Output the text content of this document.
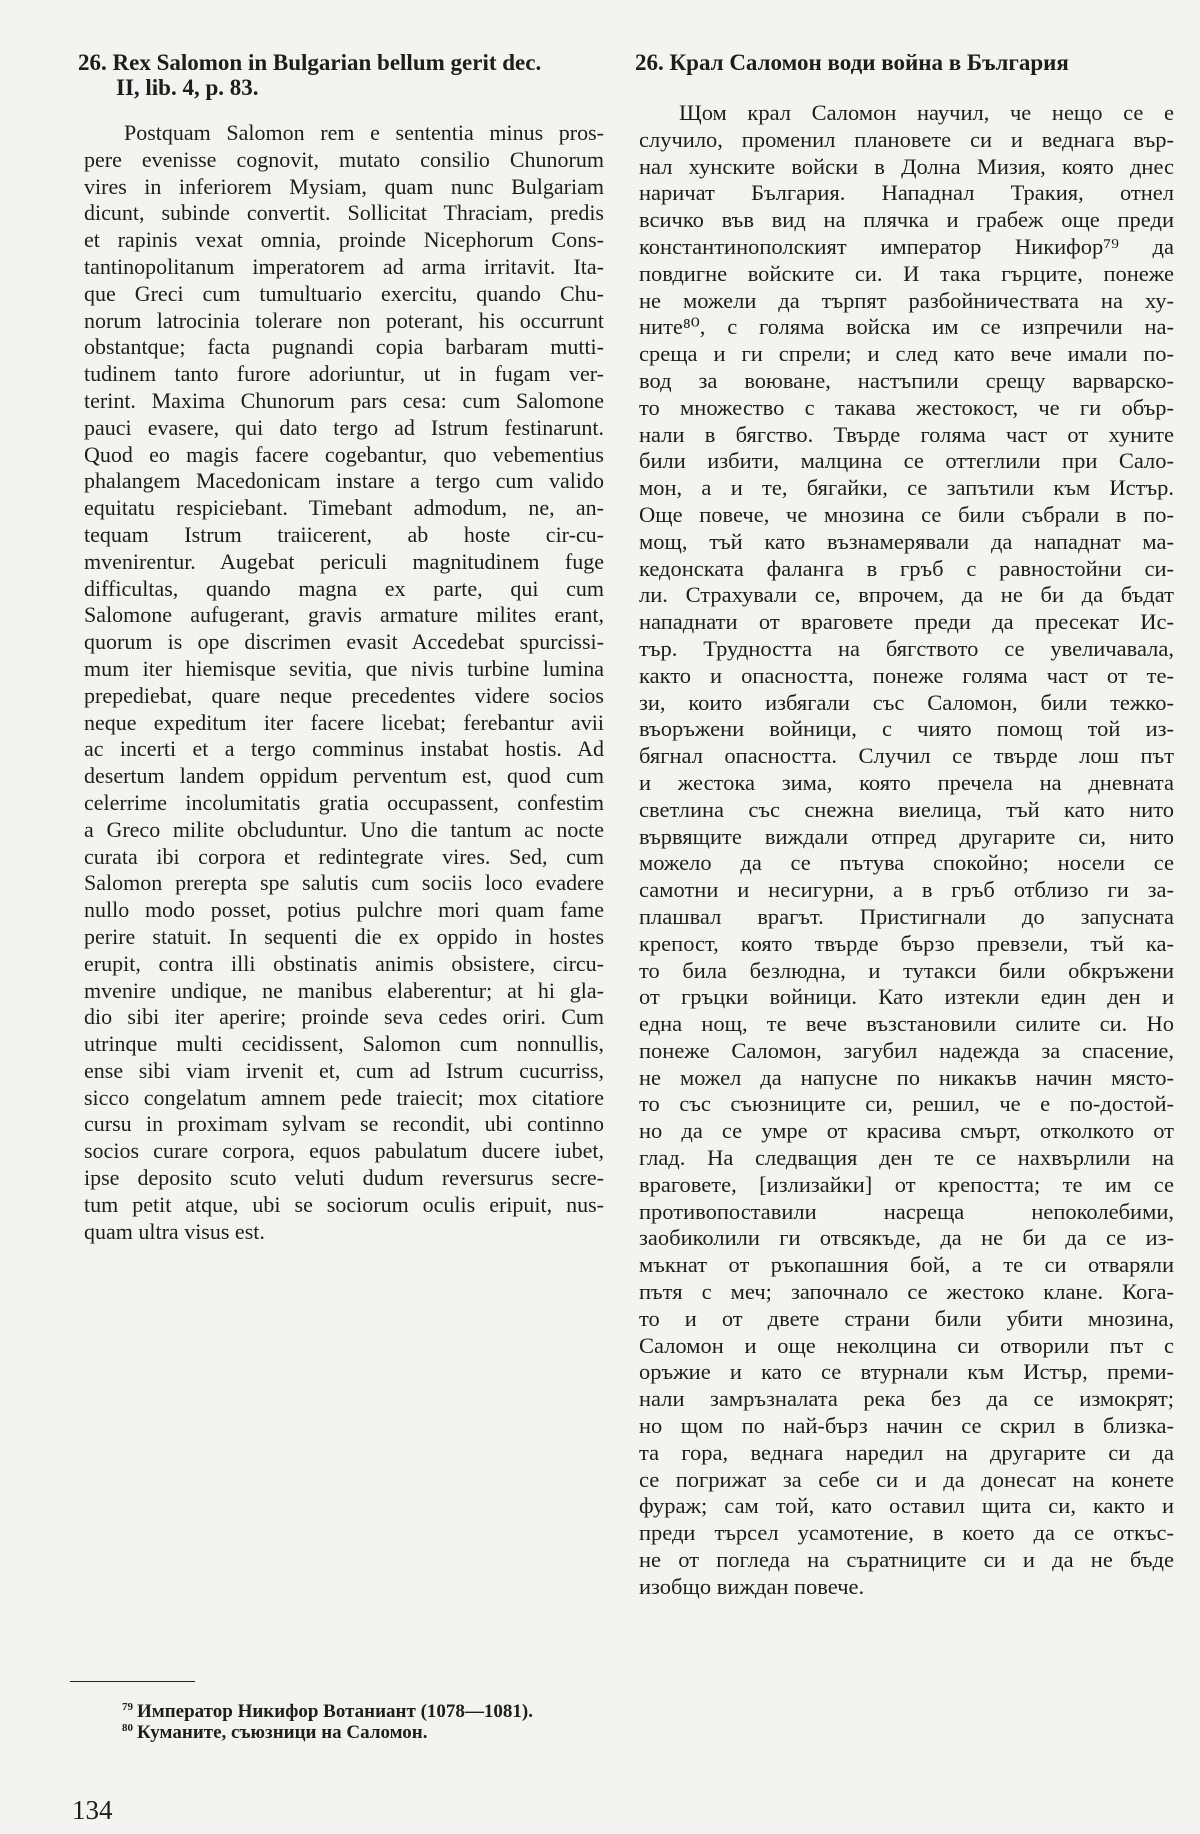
26. Rex Salomon in Bulgarian bellum gerit dec.
II, lib. 4, p. 83.
Postquam Salomon rem e sententia minus pros-
pere evenisse cognovit, mutato consilio Chunorum
vires in inferiorem Mysiam, quam nunc Bulgariam
dicunt, subinde convertit. Sollicitat Thraciam, predis
et rapinis vexat omnia, proinde Nicephorum Cons-
tantinopolitanum imperatorem ad arma irritavit. Ita-
que Greci cum tumultuario exercitu, quando Chu-
norum latrocinia tolerare non poterant, his occurrunt
obstantque; facta pugnandi copia barbaram mutti-
tudinem tanto furore adoriuntur, ut in fugam ver-
terint. Maxima Chunorum pars cesa: cum Salomone
pauci evasere, qui dato tergo ad Istrum festinarunt.
Quod eo magis facere cogebantur, quo vebementius
phalangem Macedonicam instare a tergo cum valido
equitatu respiciebant. Timebant admodum, ne, an-
tequam Istrum traiicerent, ab hoste cir-cu-
mvenirentur. Augebat periculi magnitudinem fuge
difficultas, quando magna ex parte, qui cum
Salomone aufugerant, gravis armature milites erant,
quorum is ope discrimen evasit Accedebat spurcissi-
mum iter hiemisque sevitia, que nivis turbine lumina
prepediebat, quare neque precedentes videre socios
neque expeditum iter facere licebat; ferebantur avii
ac incerti et a tergo comminus instabat hostis. Ad
desertum landem oppidum perventum est, quod cum
celerrime incolumitatis gratia occupassent, confestim
a Greco milite obcluduntur. Uno die tantum ac nocte
curata ibi corpora et redintegrate vires. Sed, cum
Salomon prerepta spe salutis cum sociis loco evadere
nullo modo posset, potius pulchre mori quam fame
perire statuit. In sequenti die ex oppido in hostes
erupit, contra illi obstinatis animis obsistere, circu-
mvenire undique, ne manibus elaberentur; at hi gla-
dio sibi iter aperire; proinde seva cedes oriri. Cum
utrinque multi cecidissent, Salomon cum nonnullis,
ense sibi viam irvenit et, cum ad Istrum cucurriss,
sicco congelatum amnem pede traiecit; mox citatiore
cursu in proximam sylvam se recondit, ubi continno
socios curare corpora, equos pabulatum ducere iubet,
ipse deposito scuto veluti dudum reversurus secre-
tum petit atque, ubi se sociorum oculis eripuit, nus-
quam ultra visus est.
26. Крал Саломон води война в България
Щом крал Саломон научил, че нещо се е
случило, променил плановете си и веднага вър-
нал хунските войски в Долна Мизия, която днес
наричат България. Нападнал Тракия, отнел
всичко във вид на плячка и грабеж още преди
константинополският император Никифор⁷⁹ да
повдигне войските си. И така гърците, понеже
не можели да търпят разбойничествата на ху-
ните⁸⁰, с голяма войска им се изпречили на-
среща и ги спрели; и след като вече имали по-
вод за воюване, настъпили срещу варварско-
то множество с такава жестокост, че ги обър-
нали в бягство. Твърде голяма част от хуните
били избити, малцина се оттеглили при Сало-
мон, а и те, бягайки, се запътили към Истър.
Още повече, че мнозина се били събрали в по-
мощ, тъй като възнамерявали да нападнат ма-
кедонската фаланга в гръб с равностойни си-
ли. Страхували се, впрочем, да не би да бъдат
нападнати от враговете преди да пресекат Ис-
тър. Трудността на бягството се увеличавала,
както и опасността, понеже голяма част от те-
зи, които избягали със Саломон, били тежко-
въоръжени войници, с чиято помощ той из-
бягнал опасността. Случил се твърде лош път
и жестока зима, която пречела на дневната
светлина със снежна виелица, тъй като нито
вървящите виждали отпред другарите си, нито
можело да се пътува спокойно; носели се
самотни и несигурни, а в гръб отблизо ги за-
плашвал врагът. Пристигнали до запусната
крепост, която твърде бързо превзели, тъй ка-
то била безлюдна, и тутакси били обкръжени
от гръцки войници. Като изтекли един ден и
една нощ, те вече възстановили силите си. Но
понеже Саломон, загубил надежда за спасение,
не можел да напусне по никакъв начин място-
то със съюзниците си, решил, че е по-достой-
но да се умре от красива смърт, отколкото от
глад. На следващия ден те се нахвърлили на
враговете, [излизайки] от крепостта; те им се
противопоставили насреща непоколебими,
заобиколили ги отвсякъде, да не би да се из-
мъкнат от ръкопашния бой, а те си отваряли
пътя с меч; започнало се жестоко клане. Кога-
то и от двете страни били убити мнозина,
Саломон и още неколцина си отворили път с
оръжие и като се втурнали към Истър, преми-
нали замръзналата река без да се измокрят;
но щом по най-бърз начин се скрил в близка-
та гора, веднага наредил на другарите си да
се погрижат за себе си и да донесат на конете
фураж; сам той, като оставил щита си, както и
преди търсел усамотение, в което да се откъс-
не от погледа на съратниците си и да не бъде
изобщо виждан повече.
$^{79}$ Император Никифор Вотаниант (1078—1081).
$^{80}$ Куманите, съюзници на Саломон.
134
